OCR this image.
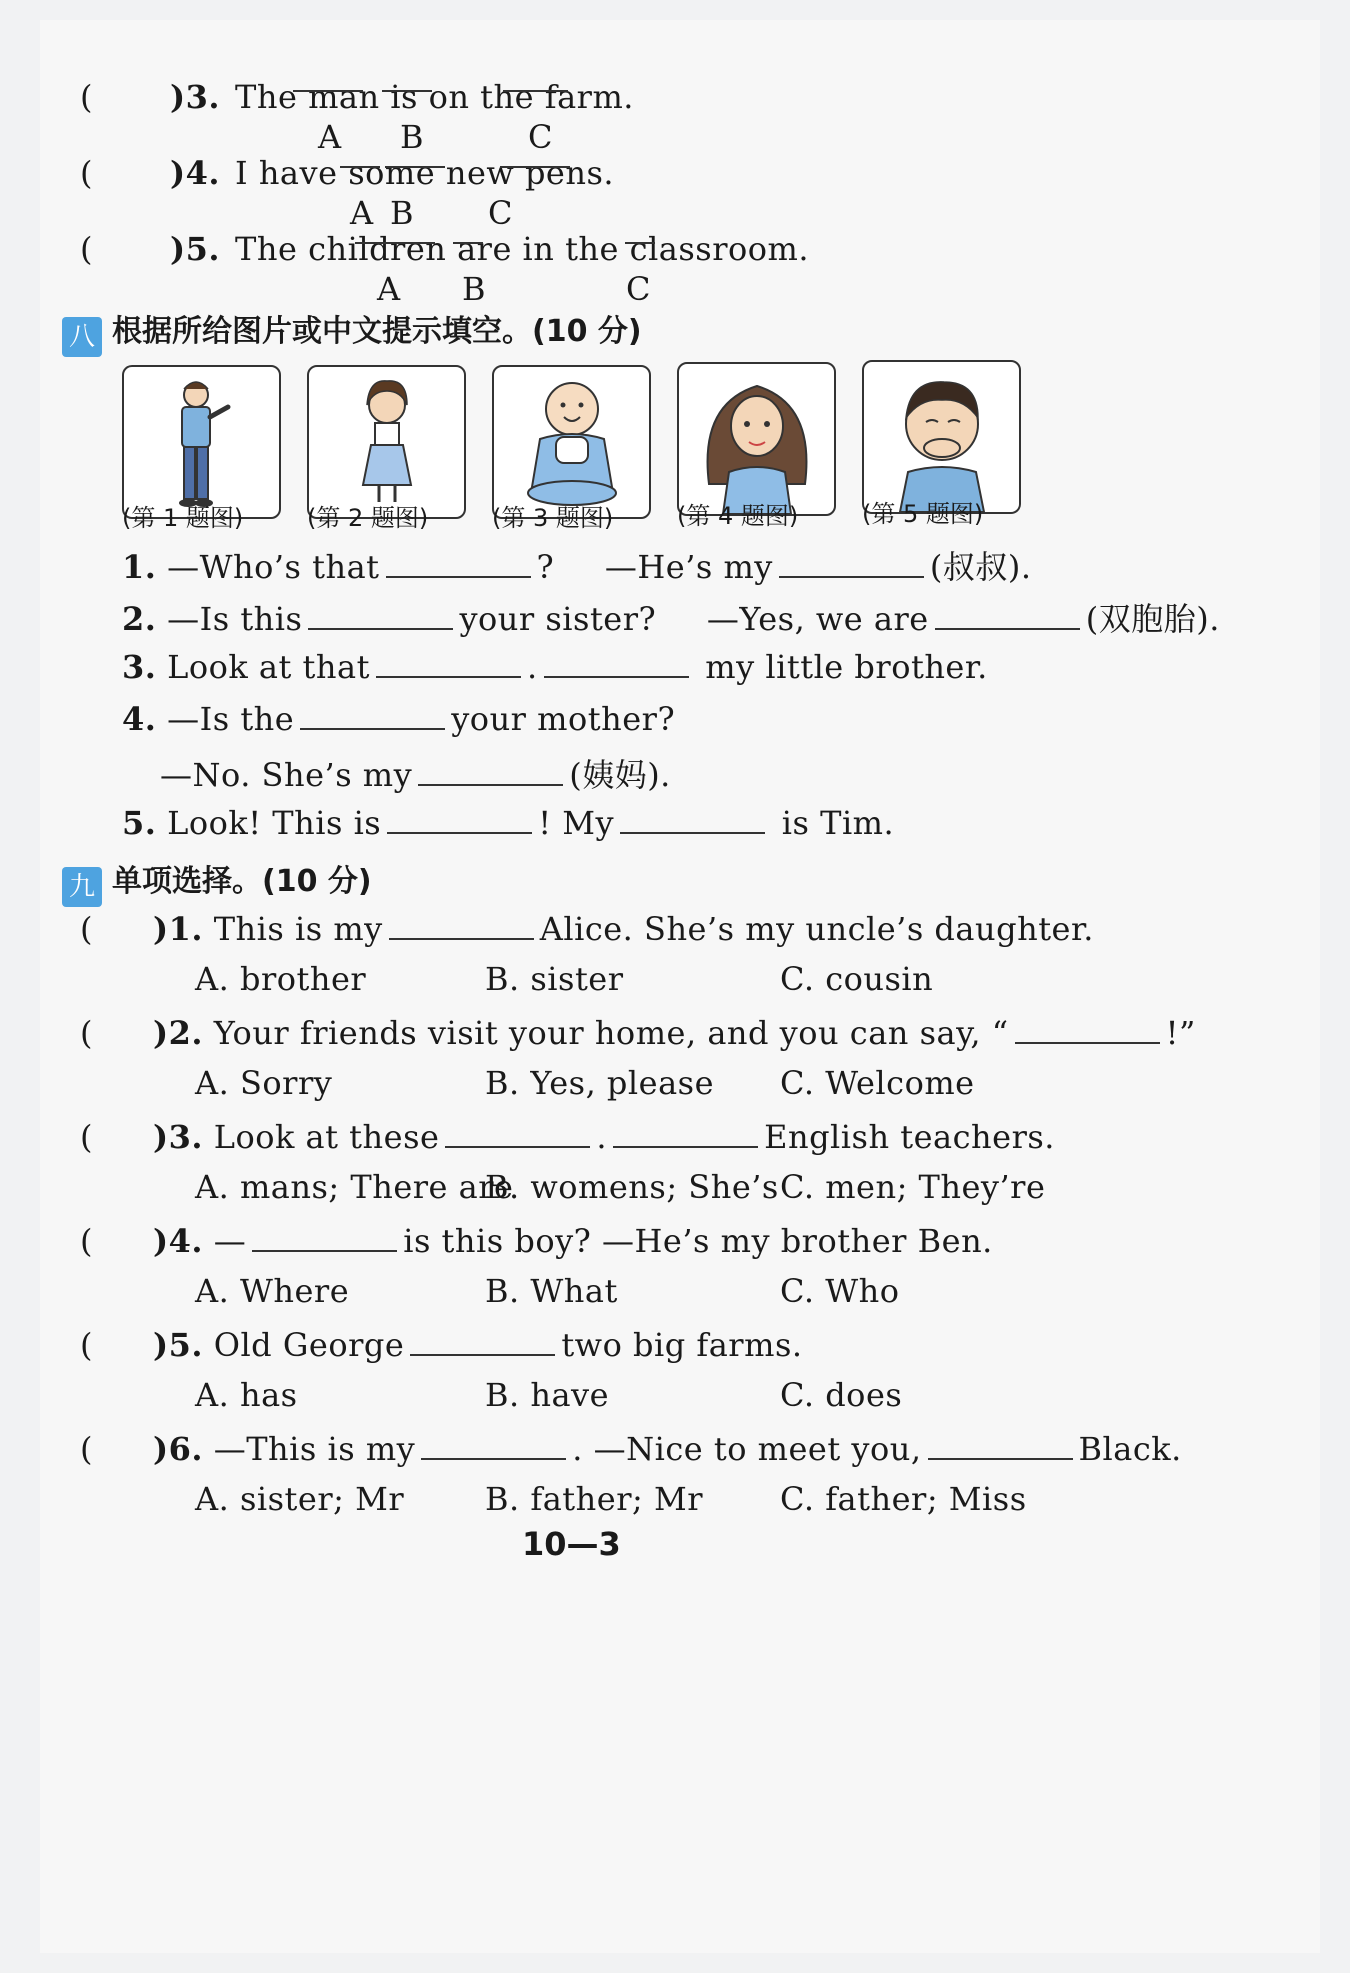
( )3. The man is on the farm.
A B	C
( )4. I have some new pens.
A B C
( )5. The children are in the classroom.
A B	C
八 根据所给图片或中文提示填空。(10 分)
(第 1 题图)	(第 2 题图)	(第 3 题图)	(第 4 题图)	(第 5 题图)
1. —Who’s that	? —He’s my	(叔叔).
2. —Is this	your sister? —Yes, we are	(双胞胎).
3. Look at that	.	my little brother.
4. —Is the	your mother?
—No. She’s my	(姨妈).
5. Look! This is	! My	is Tim.
九 单项选择。(10 分)
( )1. This is my	Alice. She’s my uncle’s daughter.
A. brother	B. sister	C. cousin
( )2. Your friends visit your home, and you can say, “	!”
A. Sorry	B. Yes, please C. Welcome
( )3. Look at these	.	English teachers.
A. mans; There are
B. womens; She’s C. men; They’re
( )4. —	is this boy? —He’s my brother Ben.
A. Where	B. What	C. Who
( )5. Old George	two big farms.
A. has	B. have	C. does
( )6. —This is my	. —Nice to meet you,	Black.
A. sister; Mr	B. father; Mr C. father; Miss
10—3
